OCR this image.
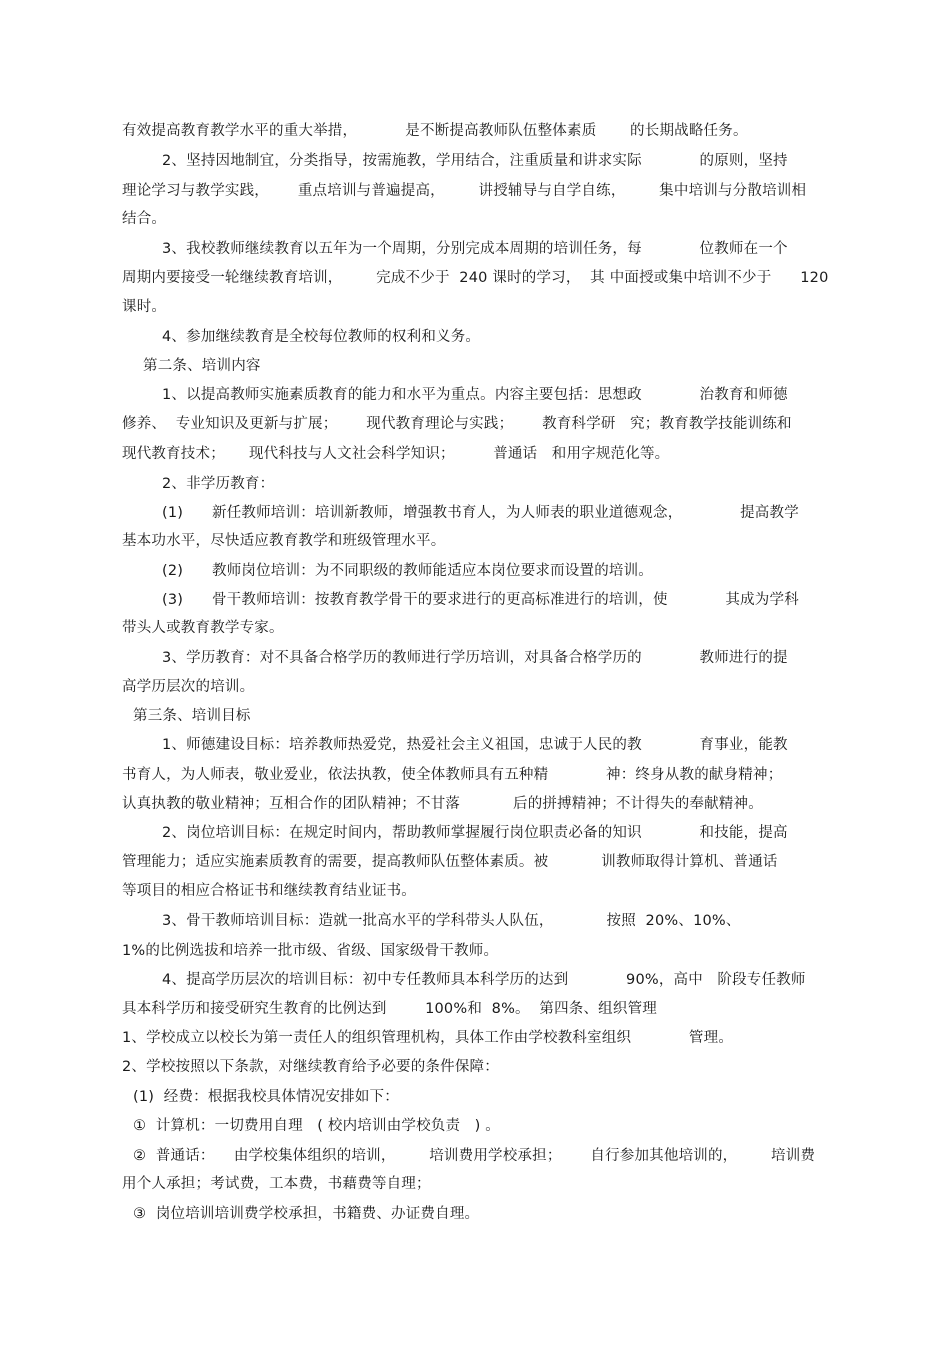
有效提高教育教学水平的重大举措，          是不断提高教师队伍整体素质       的长期战略任务。
2、坚持因地制宜，分类指导，按需施教，学用结合，注重质量和讲求实际            的原则，坚持
理论学习与教学实践，      重点培训与普遍提高，       讲授辅导与自学自练，       集中培训与分散培训相
结合。
3、我校教师继续教育以五年为一个周期，分别完成本周期的培训任务，每            位教师在一个
周期内要接受一轮继续教育培训，       完成不少于  240 课时的学习，  其 中面授或集中培训不少于      120
课时。
4、参加继续教育是全校每位教师的权利和义务。
第二条、培训内容
1、以提高教师实施素质教育的能力和水平为重点。内容主要包括：思想政            治教育和师德
修养、  专业知识及更新与扩展；      现代教育理论与实践；      教育科学研   究；教育教学技能训练和
现代教育技术；     现代科技与人文社会科学知识；        普通话   和用字规范化等。
2、非学历教育：
(1)      新任教师培训：培训新教师，增强教书育人，为人师表的职业道德观念，            提高教学
基本功水平，尽快适应教育教学和班级管理水平。
(2)      教师岗位培训：为不同职级的教师能适应本岗位要求而设置的培训。
(3)      骨干教师培训：按教育教学骨干的要求进行的更高标准进行的培训，使            其成为学科
带头人或教育教学专家。
3、学历教育：对不具备合格学历的教师进行学历培训，对具备合格学历的            教师进行的提
高学历层次的培训。
第三条、培训目标
1、师德建设目标：培养教师热爱党，热爱社会主义祖国，忠诚于人民的教            育事业，能教
书育人，为人师表，敬业爱业，依法执教，使全体教师具有五种精            神：终身从教的献身精神；
认真执教的敬业精神；互相合作的团队精神；不甘落           后的拼搏精神；不计得失的奉献精神。
2、岗位培训目标：在规定时间内，帮助教师掌握履行岗位职责必备的知识            和技能，提高
管理能力；适应实施素质教育的需要，提高教师队伍整体素质。被           训教师取得计算机、普通话
等项目的相应合格证书和继续教育结业证书。
3、骨干教师培训目标：造就一批高水平的学科带头人队伍，           按照  20%、10%、
1%的比例选拔和培养一批市级、省级、国家级骨干教师。
4、提高学历层次的培训目标：初中专任教师具本科学历的达到            90%，高中   阶段专任教师
具本科学历和接受研究生教育的比例达到        100%和  8%。  第四条、组织管理
1、学校成立以校长为第一责任人的组织管理机构，具体工作由学校教科室组织            管理。
2、学校按照以下条款，对继续教育给予必要的条件保障：
(1)  经费：根据我校具体情况安排如下：
①  计算机：一切费用自理   ( 校内培训由学校负责   ) 。
②  普通话：    由学校集体组织的培训，       培训费用学校承担；      自行参加其他培训的，       培训费
用个人承担；考试费，工本费，书藉费等自理；
③  岗位培训培训费学校承担，书籍费、办证费自理。
